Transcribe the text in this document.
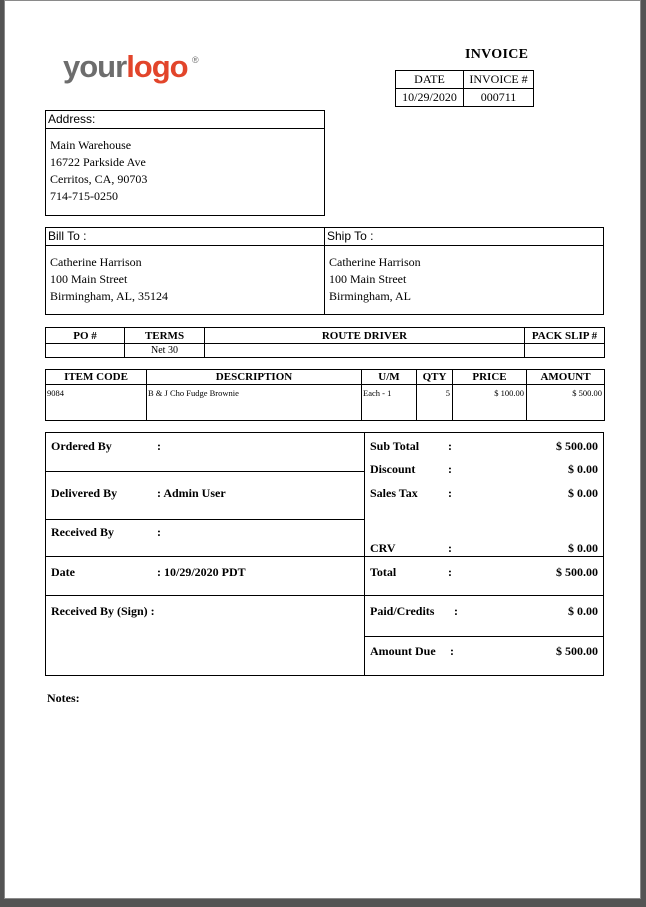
yourlogo ®	INVOICE
DATE	INVOICE #
10/29/2020	000711
Address:
Main Warehouse
16722 Parkside Ave
Cerritos, CA, 90703
714-715-0250
Bill To :
Catherine Harrison
100 Main Street
Birmingham, AL, 35124
Ship To :
Catherine Harrison
100 Main Street
Birmingham, AL
PO #	TERMS	ROUTE DRIVER	PACK SLIP #
	Net 30		
ITEM CODE	DESCRIPTION	U/M	QTY	PRICE	AMOUNT
9084	B & J Cho Fudge Brownie	Each - 1	5	$ 100.00	$ 500.00
Ordered By	:
Delivered By	: Admin User
Received By	:
Date	: 10/29/2020 PDT
Received By (Sign) :
Sub Total :	$ 500.00
Discount	:	$ 0.00
Sales Tax	:	$ 0.00
CRV	:	$ 0.00
Total	:	$ 500.00
Paid/Credits :	$ 0.00
Amount Due :	$ 500.00
Notes:
